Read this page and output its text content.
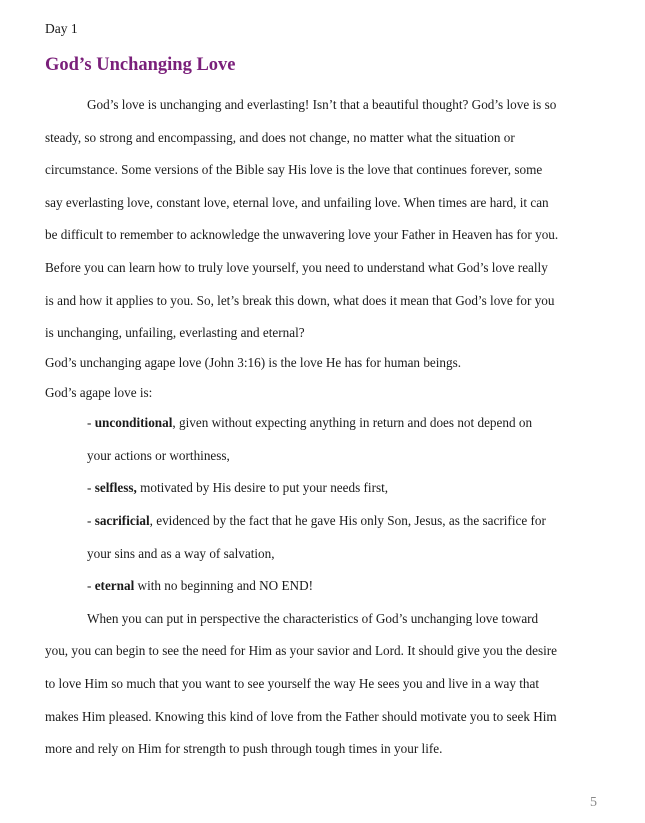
Day 1
God’s Unchanging Love
God’s love is unchanging and everlasting! Isn’t that a beautiful thought? God’s love is so
steady, so strong and encompassing, and does not change, no matter what the situation or
circumstance. Some versions of the Bible say His love is the love that continues forever, some
say everlasting love, constant love, eternal love, and unfailing love. When times are hard, it can
be difficult to remember to acknowledge the unwavering love your Father in Heaven has for you.
Before you can learn how to truly love yourself, you need to understand what God’s love really
is and how it applies to you. So, let’s break this down, what does it mean that God’s love for you
is unchanging, unfailing, everlasting and eternal?
God’s unchanging agape love (John 3:16) is the love He has for human beings.
God’s agape love is:
- unconditional, given without expecting anything in return and does not depend on
your actions or worthiness,
- selfless, motivated by His desire to put your needs first,
- sacrificial, evidenced by the fact that he gave His only Son, Jesus, as the sacrifice for
your sins and as a way of salvation,
- eternal with no beginning and NO END!
When you can put in perspective the characteristics of God’s unchanging love toward
you, you can begin to see the need for Him as your savior and Lord. It should give you the desire
to love Him so much that you want to see yourself the way He sees you and live in a way that
makes Him pleased. Knowing this kind of love from the Father should motivate you to seek Him
more and rely on Him for strength to push through tough times in your life.
5
